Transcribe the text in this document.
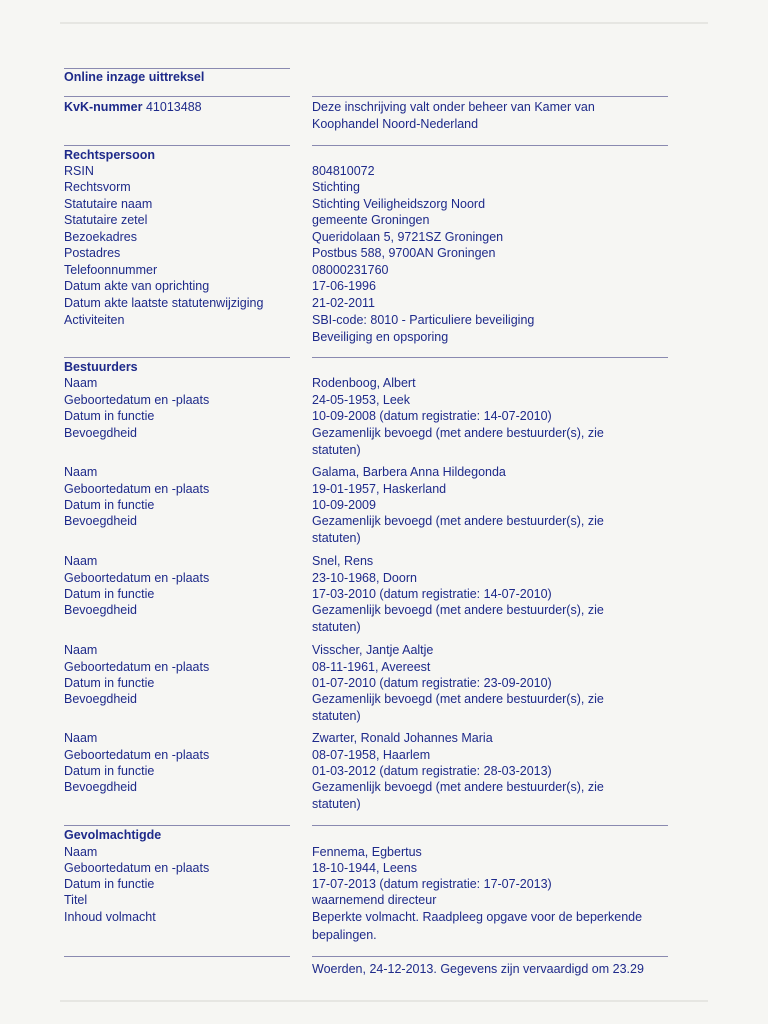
Online inzage uittreksel
KvK-nummer 41013488	Deze inschrijving valt onder beheer van Kamer van
Koophandel Noord-Nederland
Rechtspersoon
RSIN	804810072
Rechtsvorm	Stichting
Statutaire naam	Stichting Veiligheidszorg Noord
Statutaire zetel	gemeente Groningen
Bezoekadres	Queridolaan 5, 9721SZ Groningen
Postadres	Postbus 588, 9700AN Groningen
Telefoonnummer	08000231760
Datum akte van oprichting	17-06-1996
Datum akte laatste statutenwijziging	21-02-2011
Activiteiten	SBI-code: 8010 - Particuliere beveiliging
Beveiliging en opsporing
Bestuurders
Naam	Rodenboog, Albert
Geboortedatum en -plaats	24-05-1953, Leek
Datum in functie	10-09-2008 (datum registratie: 14-07-2010)
Bevoegdheid	Gezamenlijk bevoegd (met andere bestuurder(s), zie
statuten)
Naam	Galama, Barbera Anna Hildegonda
Geboortedatum en -plaats	19-01-1957, Haskerland
Datum in functie	10-09-2009
Bevoegdheid	Gezamenlijk bevoegd (met andere bestuurder(s), zie
statuten)
Naam	Snel, Rens
Geboortedatum en -plaats	23-10-1968, Doorn
Datum in functie	17-03-2010 (datum registratie: 14-07-2010)
Bevoegdheid	Gezamenlijk bevoegd (met andere bestuurder(s), zie
statuten)
Naam	Visscher, Jantje Aaltje
Geboortedatum en -plaats	08-11-1961, Avereest
Datum in functie	01-07-2010 (datum registratie: 23-09-2010)
Bevoegdheid	Gezamenlijk bevoegd (met andere bestuurder(s), zie
statuten)
Naam	Zwarter, Ronald Johannes Maria
Geboortedatum en -plaats	08-07-1958, Haarlem
Datum in functie	01-03-2012 (datum registratie: 28-03-2013)
Bevoegdheid	Gezamenlijk bevoegd (met andere bestuurder(s), zie
statuten)
Gevolmachtigde
Naam	Fennema, Egbertus
Geboortedatum en -plaats	18-10-1944, Leens
Datum in functie	17-07-2013 (datum registratie: 17-07-2013)
Titel	waarnemend directeur
Inhoud volmacht	Beperkte volmacht. Raadpleeg opgave voor de beperkende
bepalingen.
Woerden, 24-12-2013. Gegevens zijn vervaardigd om 23.29
